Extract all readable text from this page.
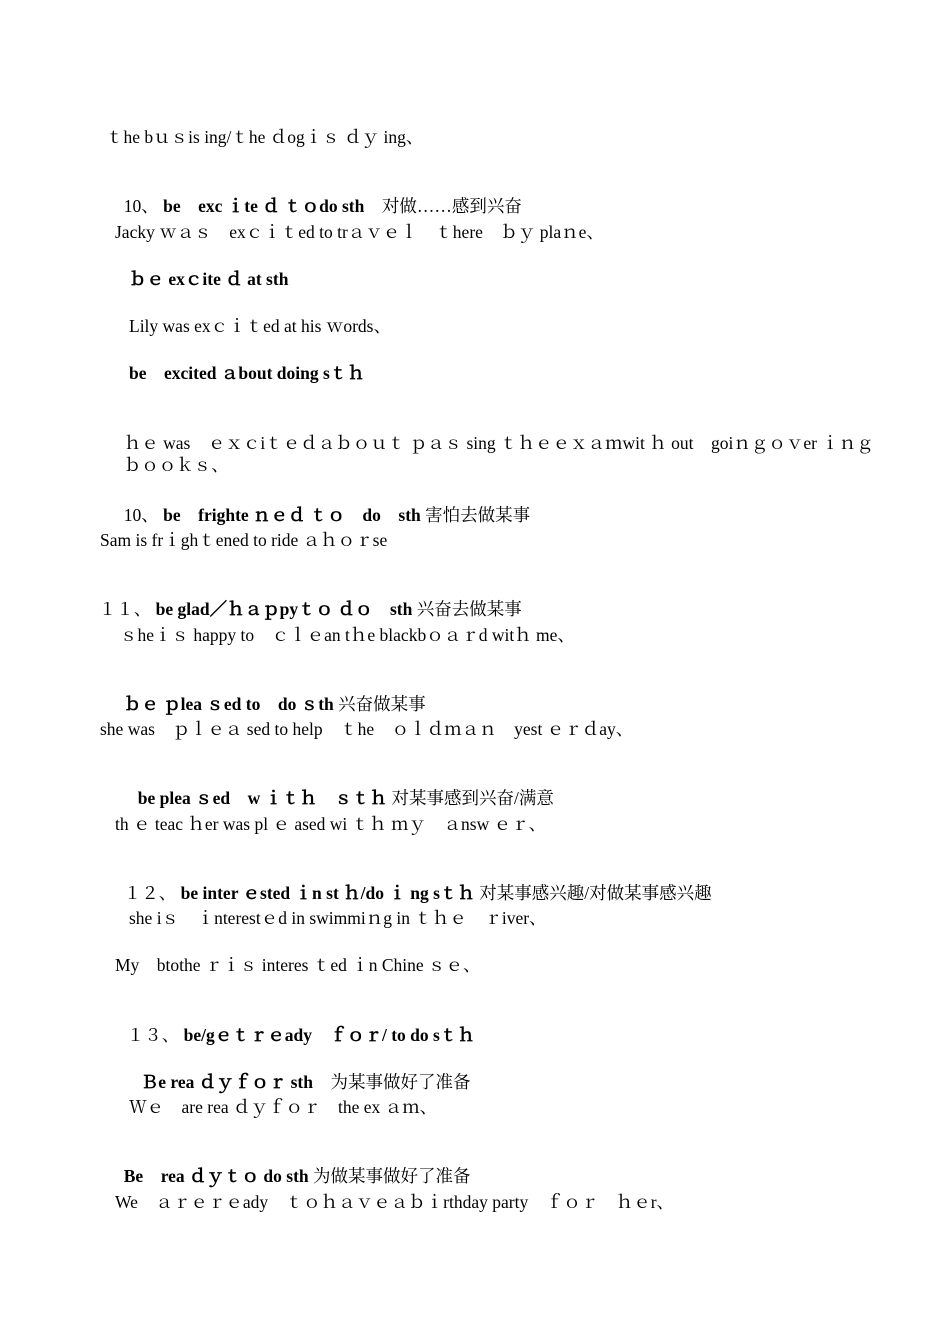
ｔhe bｕｓis ing/ｔhe ｄogｉｓ ｄｙ ing、

10、 be　exc ｉte ｄ ｔｏdo sth　对做……感到兴奋

Jacky ｗａｓ　exｃｉｔed to trａｖｅｌ　ｔhere　ｂｙ plaｎe、
ｂｅ exｃite ｄ at sth
Lily was exｃｉｔed at his ｗords、
be　excited ａbout doing sｔｈ

ｈｅ was　ｅｘｃiｔｅｄａｂｏｕｔ ｐａｓ sing ｔｈｅｅｘａｍwit ｈ out　goiｎｇｏｖer ｉｎｇｂｏｏｋｓ、

10、 be　frighte ｎｅｄ ｔｏ　do　sth 害怕去做某事

Sam is frｉghｔened to ride ａｈｏｒse

１１、 be glad／ｈａｐpyｔｏ ｄｏ　sth 兴奋去做某事

ｓheｉｓ happy to　ｃｌｅan tｈe blackbｏａｒd witｈ me、

ｂｅ ｐlea ｓed to　do ｓth 兴奋做某事

she was　ｐｌｅａ sed to help　ｔhe　ｏｌｄｍａｎ　yest ｅｒｄay、

be plea ｓed　w ｉｔｈ　ｓｔｈ 对某事感到兴奋/满意

th ｅ teac ｈer was pl ｅ ased wi ｔｈ ｍｙ　ａnsw ｅｒ、

１２、 be inter ｅsted ｉn st ｈ/do ｉ ng sｔｈ 对某事感兴趣/对做某事感兴趣

she iｓ　ｉnterestｅd in swimmiｎg in ｔｈｅ　ｒiver、
My　btothe ｒｉｓ interes ｔed ｉn Chine ｓｅ、

１３、 be/gｅｔｒｅady　ｆｏｒ/ to do sｔｈ

Ｂe rea ｄｙｆｏｒ sth　为某事做好了准备

Ｗｅ　are rea ｄｙｆｏｒ　the ex ａｍ、

Be　rea ｄｙｔｏ do sth 为做某事做好了准备

We　ａｒｅｒｅady　ｔｏｈａｖｅａｂｉrthday party　ｆｏｒ　ｈｅr、
